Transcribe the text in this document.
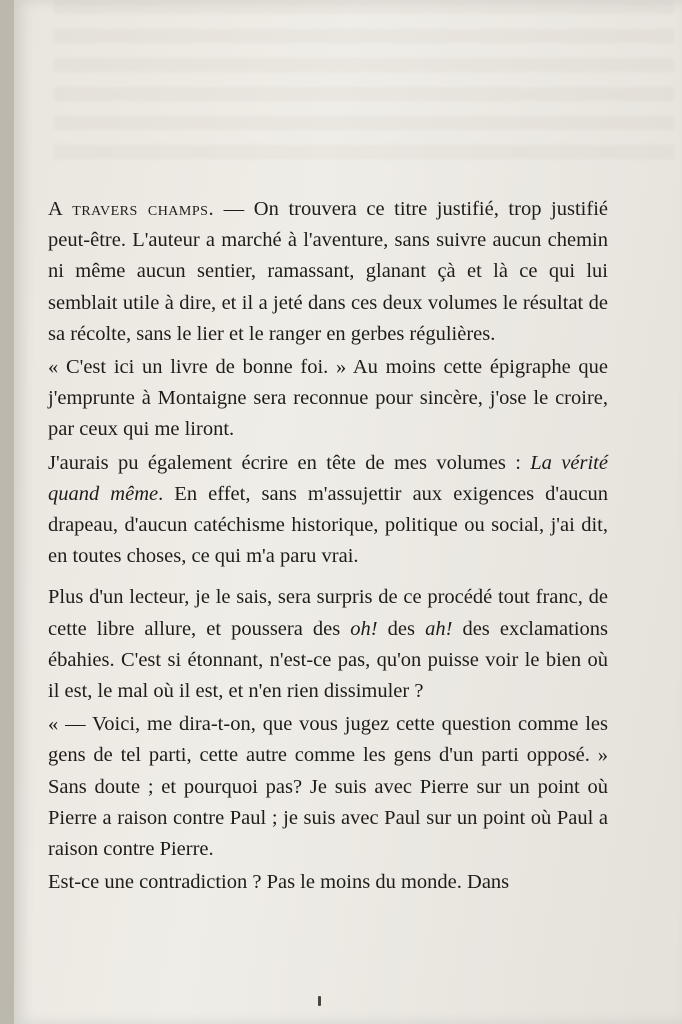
A travers champs. — On trouvera ce titre justifié, trop justifié peut-être. L'auteur a marché à l'aventure, sans suivre aucun chemin ni même aucun sentier, ramassant, glanant çà et là ce qui lui semblait utile à dire, et il a jeté dans ces deux volumes le résultat de sa récolte, sans le lier et le ranger en gerbes régulières.

« C'est ici un livre de bonne foi. » Au moins cette épigraphe que j'emprunte à Montaigne sera reconnue pour sincère, j'ose le croire, par ceux qui me liront.

J'aurais pu également écrire en tête de mes volumes : La vérité quand même. En effet, sans m'assujettir aux exigences d'aucun drapeau, d'aucun catéchisme historique, politique ou social, j'ai dit, en toutes choses, ce qui m'a paru vrai.

Plus d'un lecteur, je le sais, sera surpris de ce procédé tout franc, de cette libre allure, et poussera des oh! des ah! des exclamations ébahies. C'est si étonnant, n'est-ce pas, qu'on puisse voir le bien où il est, le mal où il est, et n'en rien dissimuler ?

« — Voici, me dira-t-on, que vous jugez cette question comme les gens de tel parti, cette autre comme les gens d'un parti opposé. » Sans doute ; et pourquoi pas? Je suis avec Pierre sur un point où Pierre a raison contre Paul ; je suis avec Paul sur un point où Paul a raison contre Pierre.

Est-ce une contradiction ? Pas le moins du monde. Dans
